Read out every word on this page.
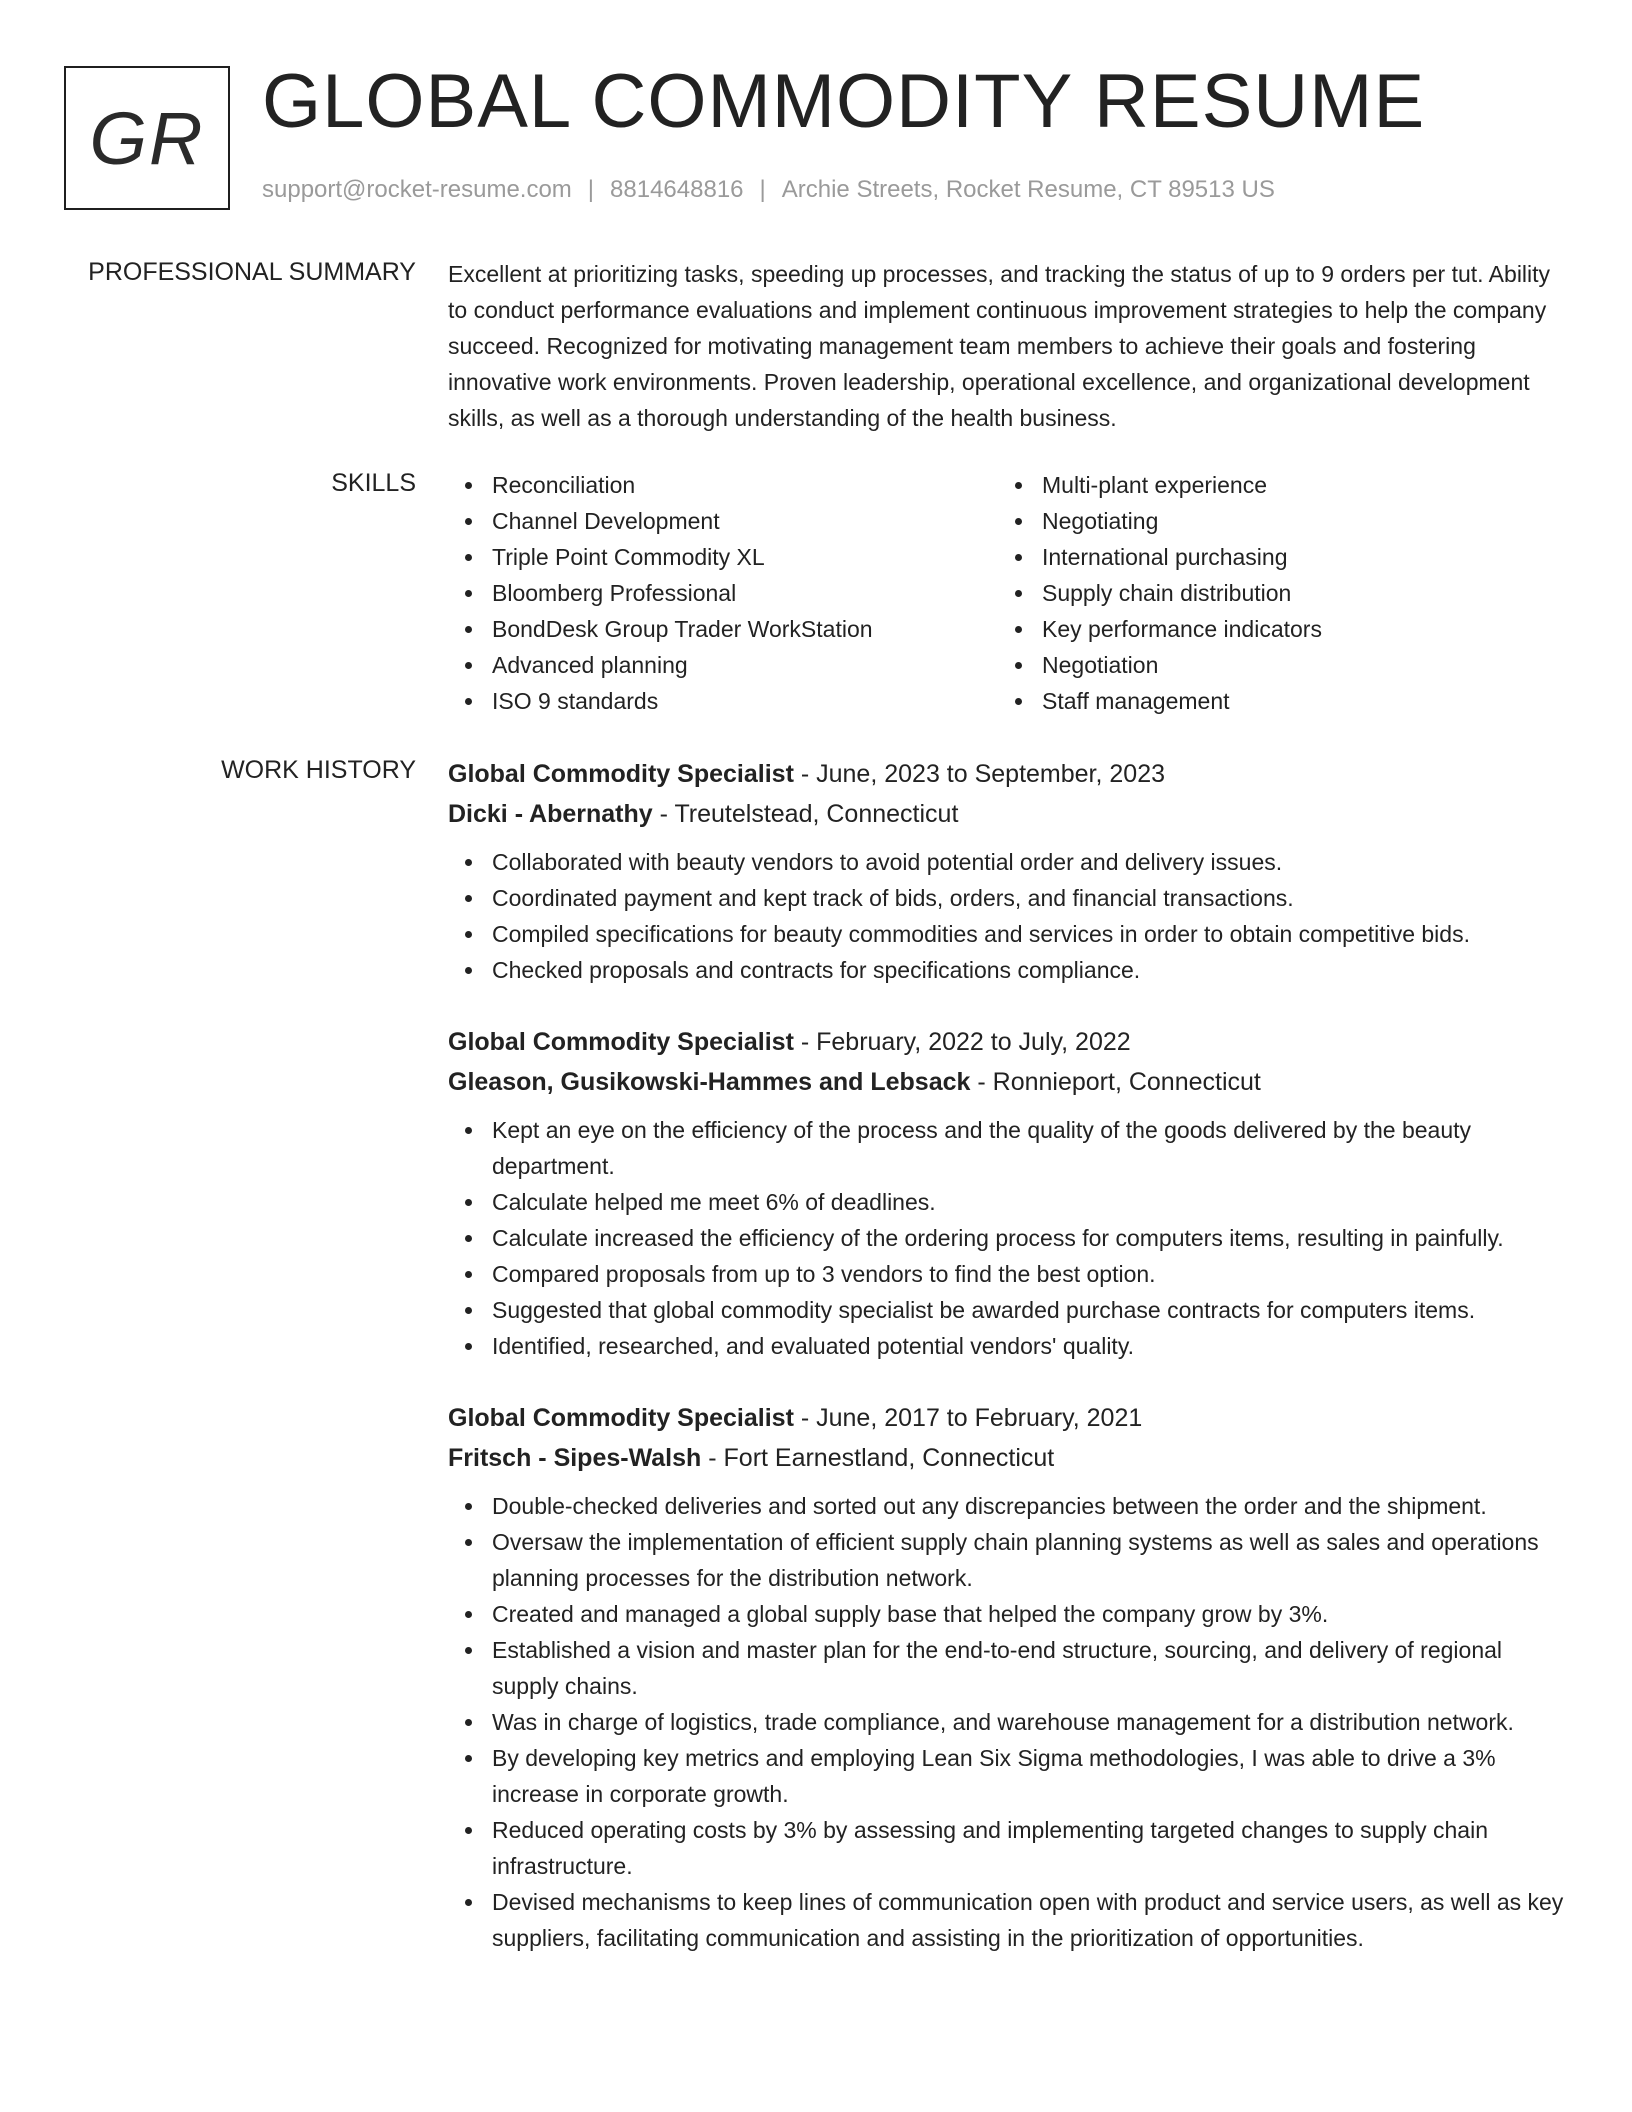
GR GLOBAL COMMODITY RESUME
support@rocket-resume.com | 8814648816 | Archie Streets, Rocket Resume, CT 89513 US
PROFESSIONAL SUMMARY Excellent at prioritizing tasks, speeding up processes, and tracking the status of up to 9 orders per tut. Ability to conduct performance evaluations and implement continuous improvement strategies to help the company succeed. Recognized for motivating management team members to achieve their goals and fostering innovative work environments. Proven leadership, operational excellence, and organizational development skills, as well as a thorough understanding of the health business.
SKILLS	Reconciliation
Channel Development
Triple Point Commodity XL
Bloomberg Professional
BondDesk Group Trader WorkStation
Advanced planning
ISO 9 standards
Multi-plant experience
Negotiating
International purchasing
Supply chain distribution
Key performance indicators
Negotiation
Staff management
WORK HISTORY Global Commodity Specialist - June, 2023 to September, 2023
Dicki - Abernathy - Treutelstead, Connecticut
Collaborated with beauty vendors to avoid potential order and delivery issues.
Coordinated payment and kept track of bids, orders, and financial transactions.
Compiled specifications for beauty commodities and services in order to obtain competitive bids.
Checked proposals and contracts for specifications compliance.
Global Commodity Specialist - February, 2022 to July, 2022
Gleason, Gusikowski-Hammes and Lebsack - Ronnieport, Connecticut
Kept an eye on the efficiency of the process and the quality of the goods delivered by the beauty department.
Calculate helped me meet 6% of deadlines.
Calculate increased the efficiency of the ordering process for computers items, resulting in painfully.
Compared proposals from up to 3 vendors to find the best option.
Suggested that global commodity specialist be awarded purchase contracts for computers items.
Identified, researched, and evaluated potential vendors' quality.
Global Commodity Specialist - June, 2017 to February, 2021
Fritsch - Sipes-Walsh - Fort Earnestland, Connecticut
Double-checked deliveries and sorted out any discrepancies between the order and the shipment.
Oversaw the implementation of efficient supply chain planning systems as well as sales and operations planning processes for the distribution network.
Created and managed a global supply base that helped the company grow by 3%.
Established a vision and master plan for the end-to-end structure, sourcing, and delivery of regional supply chains.
Was in charge of logistics, trade compliance, and warehouse management for a distribution network.
By developing key metrics and employing Lean Six Sigma methodologies, I was able to drive a 3% increase in corporate growth.
Reduced operating costs by 3% by assessing and implementing targeted changes to supply chain infrastructure.
Devised mechanisms to keep lines of communication open with product and service users, as well as key suppliers, facilitating communication and assisting in the prioritization of opportunities.
